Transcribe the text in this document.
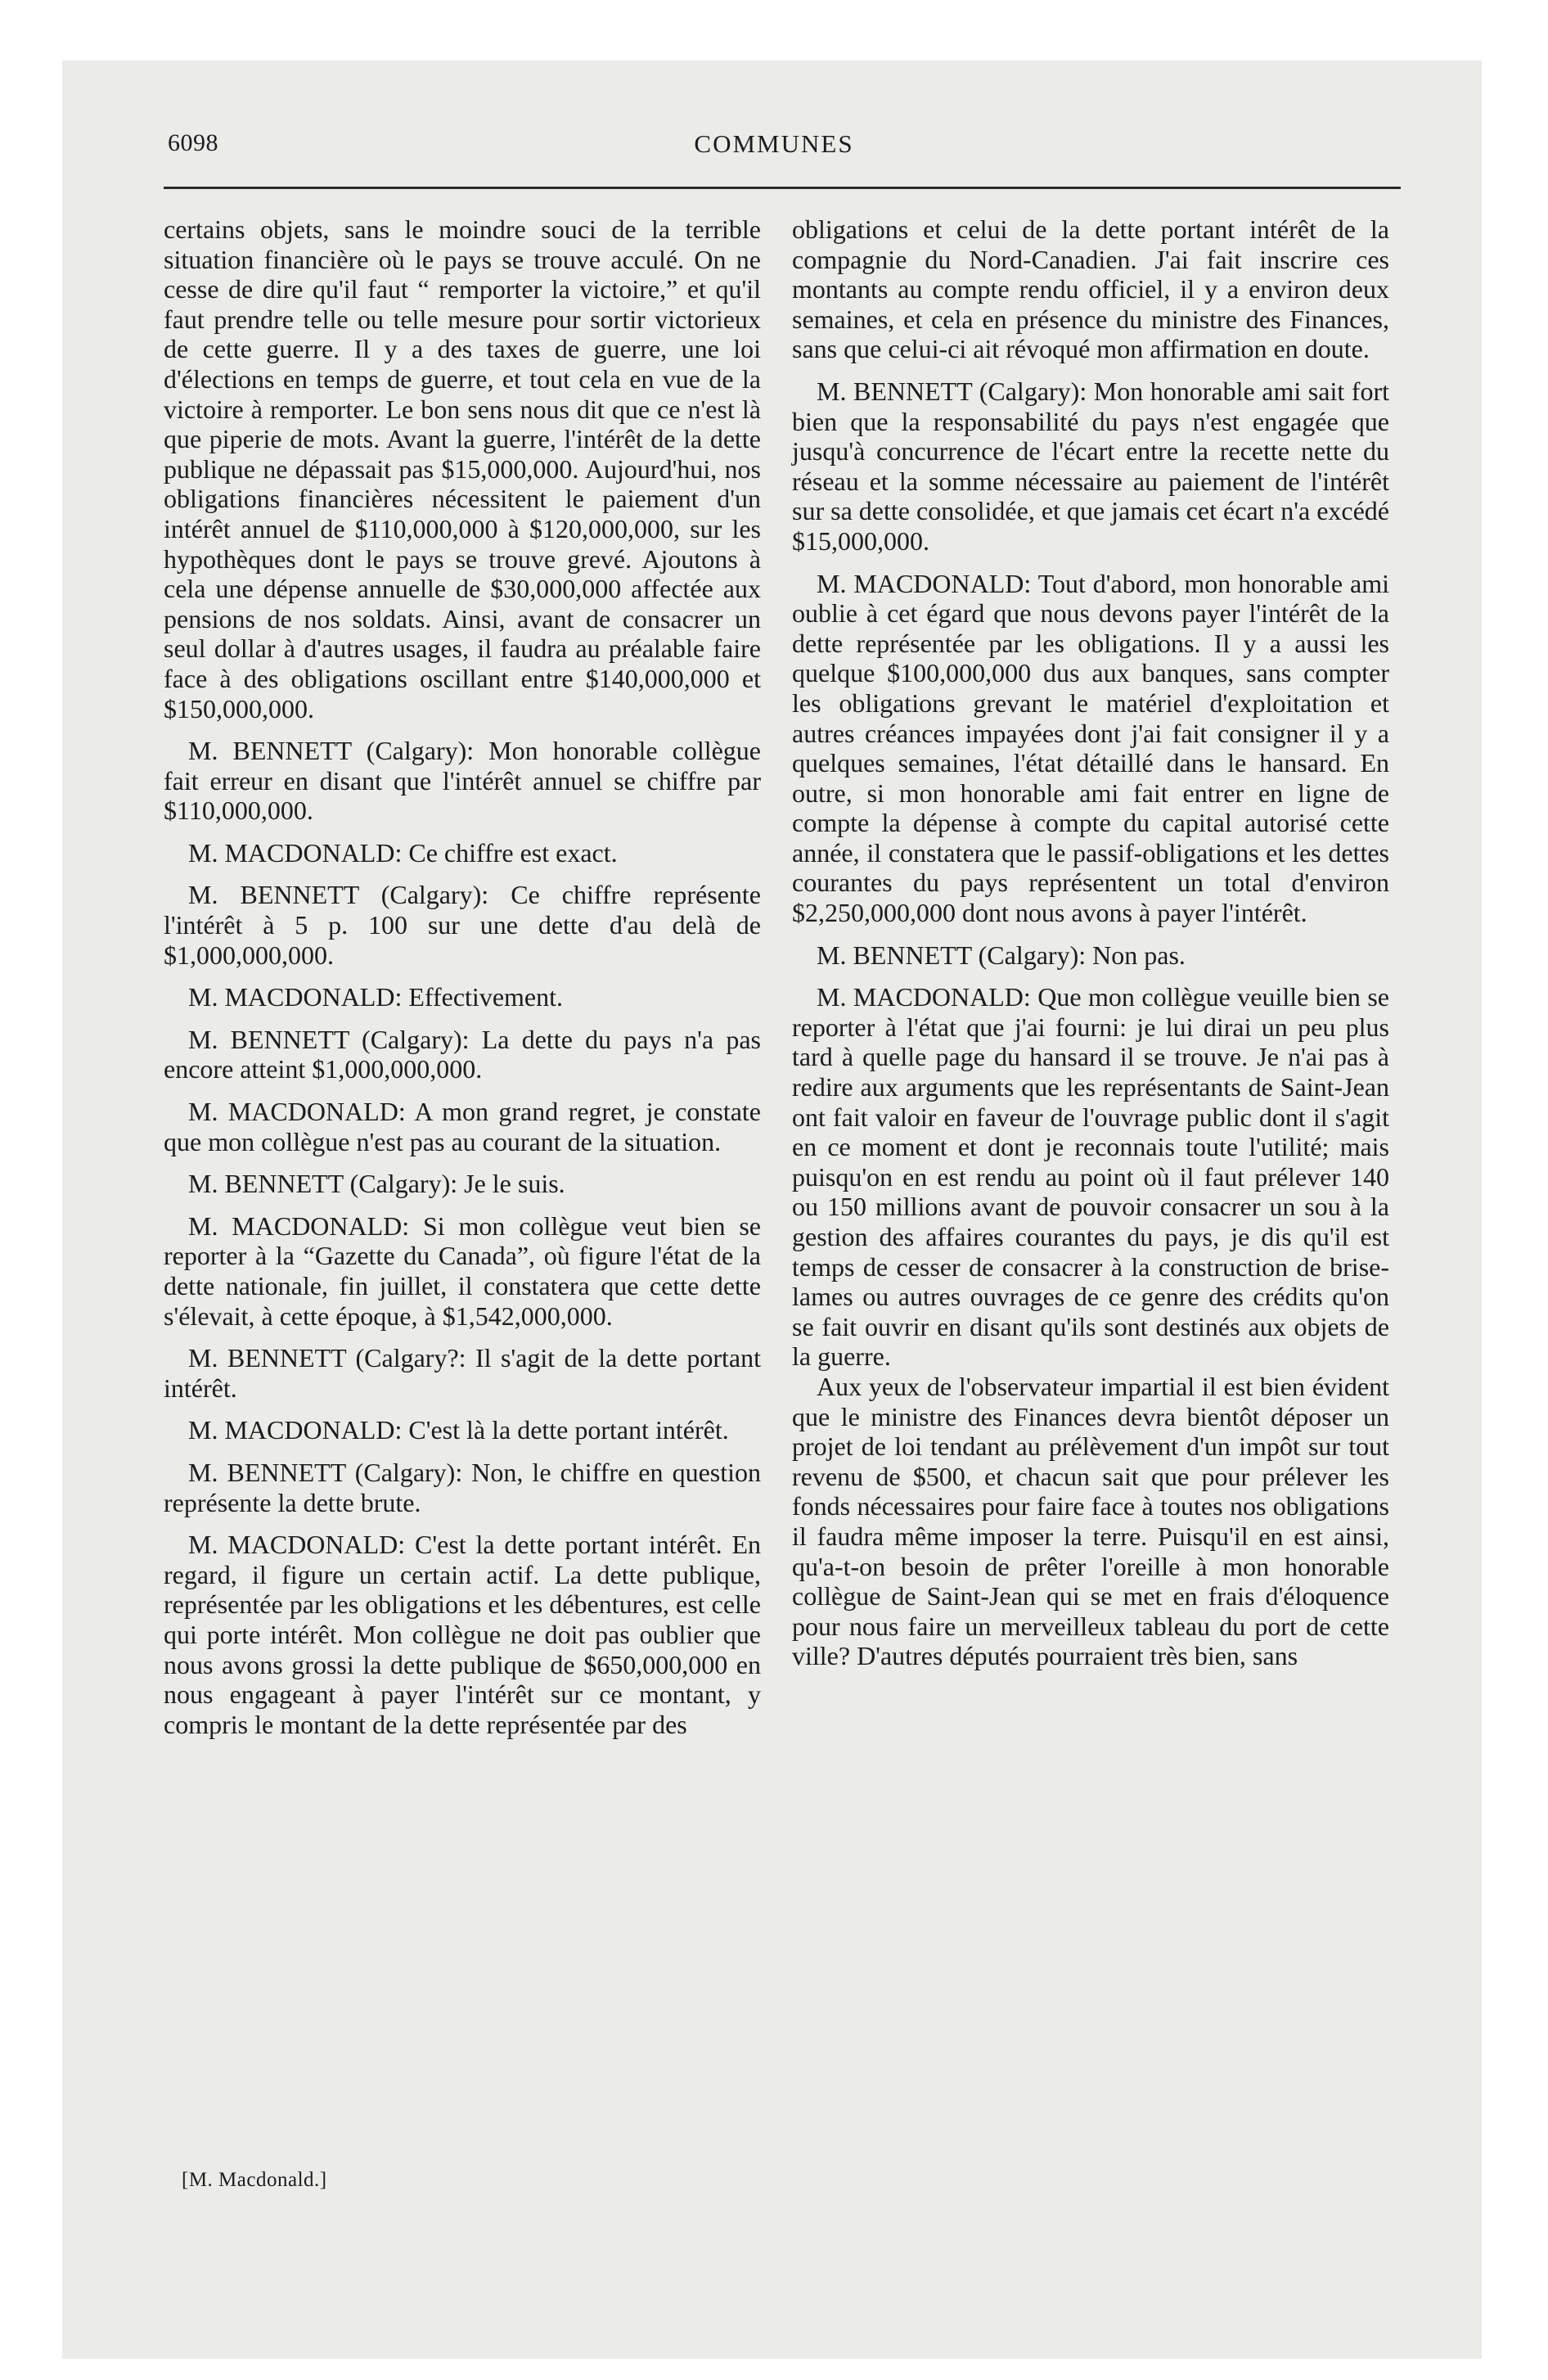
6098	COMMUNES

certains objets, sans le moindre souci de la terrible situation financière où le pays se trouve acculé. On ne cesse de dire qu'il faut “ remporter la victoire,” et qu'il faut prendre telle ou telle mesure pour sortir victorieux de cette guerre. Il y a des taxes de guerre, une loi d'élections en temps de guerre, et tout cela en vue de la victoire à remporter. Le bon sens nous dit que ce n'est là que piperie de mots. Avant la guerre, l'intérêt de la dette publique ne dépassait pas $15,000,000. Aujourd'hui, nos obligations financières nécessitent le paiement d'un intérêt annuel de $110,000,000 à $120,000,000, sur les hypothèques dont le pays se trouve grevé. Ajoutons à cela une dépense annuelle de $30,000,000 affectée aux pensions de nos soldats. Ainsi, avant de consacrer un seul dollar à d'autres usages, il faudra au préalable faire face à des obligations oscillant entre $140,000,000 et $150,000,000.

M. BENNETT (Calgary): Mon honorable collègue fait erreur en disant que l'intérêt annuel se chiffre par $110,000,000.

M. MACDONALD: Ce chiffre est exact.

M. BENNETT (Calgary): Ce chiffre représente l'intérêt à 5 p. 100 sur une dette d'au delà de $1,000,000,000.

M. MACDONALD: Effectivement.

M. BENNETT (Calgary): La dette du pays n'a pas encore atteint $1,000,000,000.

M. MACDONALD: A mon grand regret, je constate que mon collègue n'est pas au courant de la situation.

M. BENNETT (Calgary): Je le suis.

M. MACDONALD: Si mon collègue veut bien se reporter à la “Gazette du Canada”, où figure l'état de la dette nationale, fin juillet, il constatera que cette dette s'élevait, à cette époque, à $1,542,000,000.

M. BENNETT (Calgary?: Il s'agit de la dette portant intérêt.

M. MACDONALD: C'est là la dette portant intérêt.

M. BENNETT (Calgary): Non, le chiffre en question représente la dette brute.

M. MACDONALD: C'est la dette portant intérêt. En regard, il figure un certain actif. La dette publique, représentée par les obligations et les débentures, est celle qui porte intérêt. Mon collègue ne doit pas oublier que nous avons grossi la dette publique de $650,000,000 en nous engageant à payer l'intérêt sur ce montant, y compris le montant de la dette représentée par des

[M. Macdonald.]

obligations et celui de la dette portant intérêt de la compagnie du Nord-Canadien. J'ai fait inscrire ces montants au compte rendu officiel, il y a environ deux semaines, et cela en présence du ministre des Finances, sans que celui-ci ait révoqué mon affirmation en doute.

M. BENNETT (Calgary): Mon honorable ami sait fort bien que la responsabilité du pays n'est engagée que jusqu'à concurrence de l'écart entre la recette nette du réseau et la somme nécessaire au paiement de l'intérêt sur sa dette consolidée, et que jamais cet écart n'a excédé $15,000,000.

M. MACDONALD: Tout d'abord, mon honorable ami oublie à cet égard que nous devons payer l'intérêt de la dette représentée par les obligations. Il y a aussi les quelque $100,000,000 dus aux banques, sans compter les obligations grevant le matériel d'exploitation et autres créances impayées dont j'ai fait consigner il y a quelques semaines, l'état détaillé dans le hansard. En outre, si mon honorable ami fait entrer en ligne de compte la dépense à compte du capital autorisé cette année, il constatera que le passif-obligations et les dettes courantes du pays représentent un total d'environ $2,250,000,000 dont nous avons à payer l'intérêt.

M. BENNETT (Calgary): Non pas.

M. MACDONALD: Que mon collègue veuille bien se reporter à l'état que j'ai fourni: je lui dirai un peu plus tard à quelle page du hansard il se trouve. Je n'ai pas à redire aux arguments que les représentants de Saint-Jean ont fait valoir en faveur de l'ouvrage public dont il s'agit en ce moment et dont je reconnais toute l'utilité; mais puisqu'on en est rendu au point où il faut prélever 140 ou 150 millions avant de pouvoir consacrer un sou à la gestion des affaires courantes du pays, je dis qu'il est temps de cesser de consacrer à la construction de brise-lames ou autres ouvrages de ce genre des crédits qu'on se fait ouvrir en disant qu'ils sont destinés aux objets de la guerre.

Aux yeux de l'observateur impartial il est bien évident que le ministre des Finances devra bientôt déposer un projet de loi tendant au prélèvement d'un impôt sur tout revenu de $500, et chacun sait que pour prélever les fonds nécessaires pour faire face à toutes nos obligations il faudra même imposer la terre. Puisqu'il en est ainsi, qu'a-t-on besoin de prêter l'oreille à mon honorable collègue de Saint-Jean qui se met en frais d'éloquence pour nous faire un merveilleux tableau du port de cette ville? D'autres députés pourraient très bien, sans
